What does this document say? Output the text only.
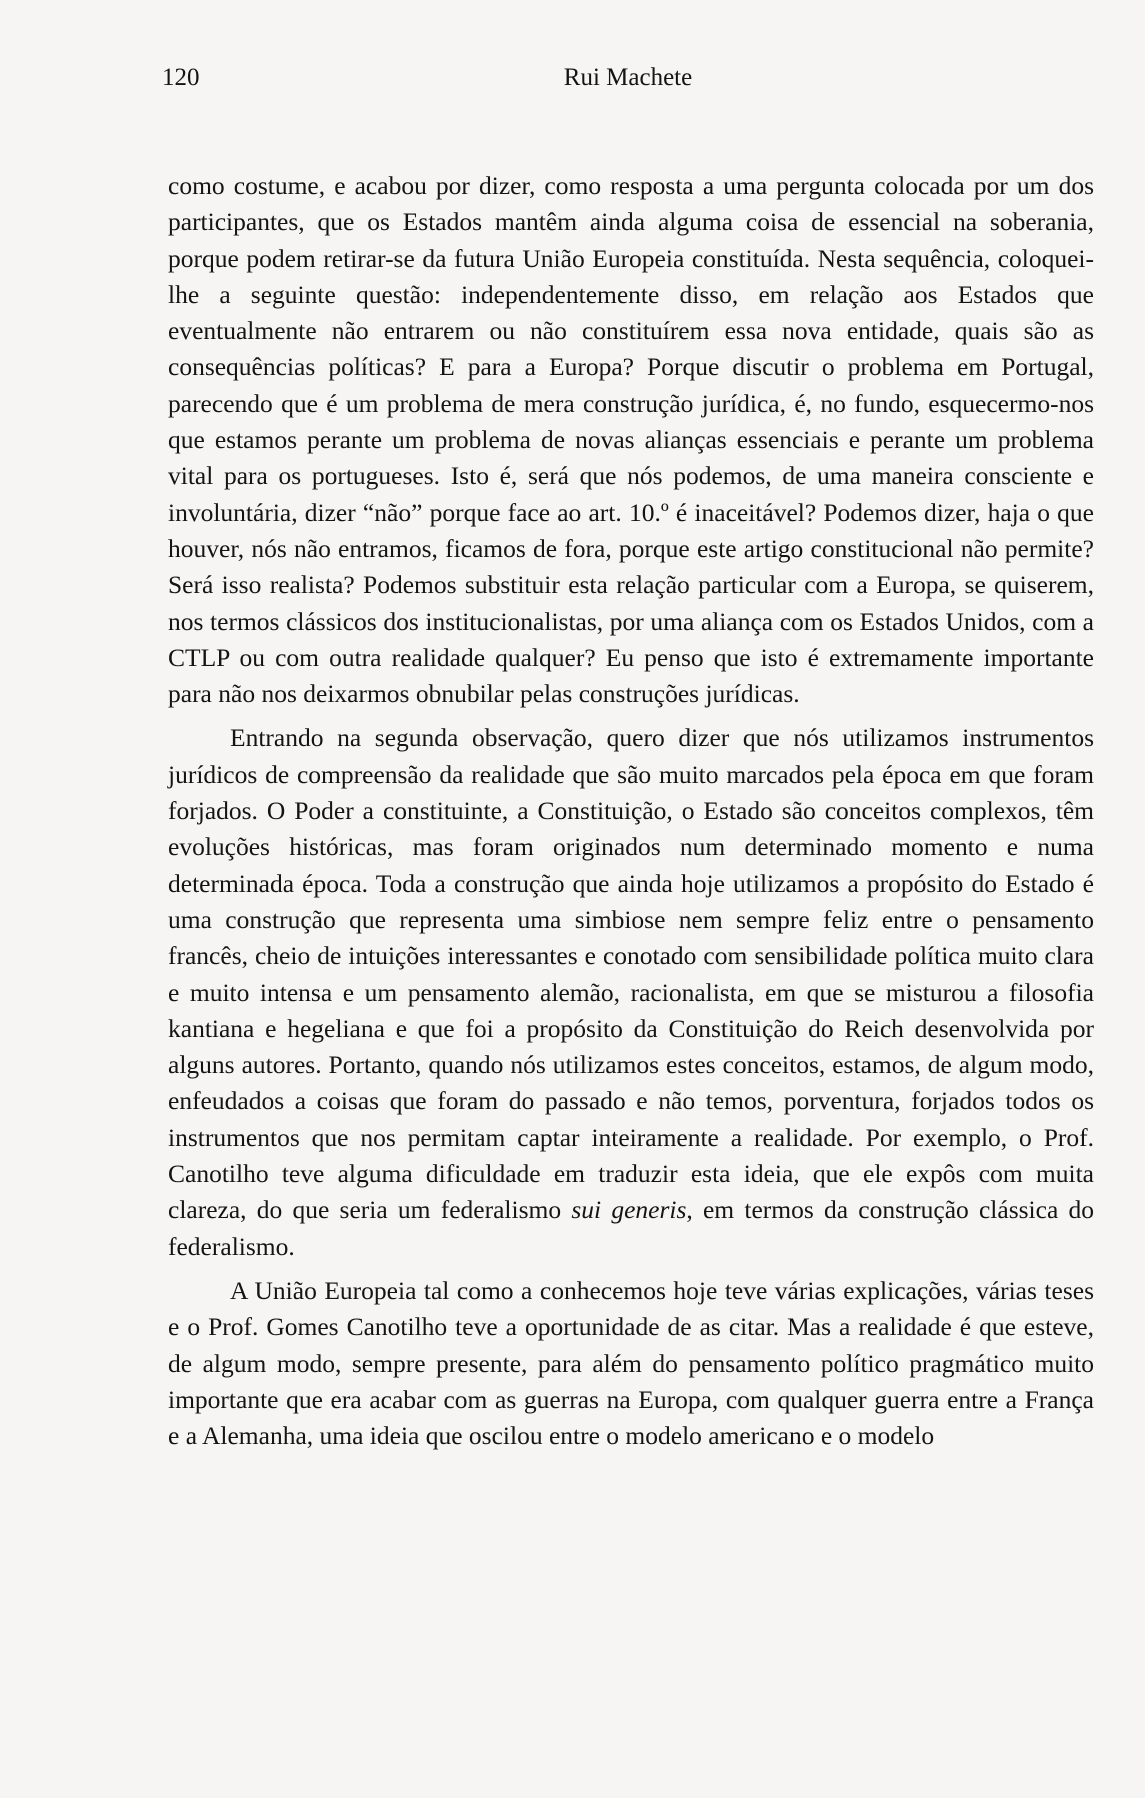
120	Rui Machete

como costume, e acabou por dizer, como resposta a uma pergunta colocada por um dos participantes, que os Estados mantêm ainda alguma coisa de essencial na soberania, porque podem retirar-se da futura União Europeia constituída. Nesta sequência, coloquei-lhe a seguinte questão: independentemente disso, em relação aos Estados que eventualmente não entrarem ou não constituírem essa nova entidade, quais são as consequências políticas? E para a Europa? Porque discutir o problema em Portugal, parecendo que é um problema de mera construção jurídica, é, no fundo, esquecermo-nos que estamos perante um problema de novas alianças essenciais e perante um problema vital para os portugueses. Isto é, será que nós podemos, de uma maneira consciente e involuntária, dizer “não” porque face ao art. 10.º é inaceitável? Podemos dizer, haja o que houver, nós não entramos, ficamos de fora, porque este artigo constitucional não permite? Será isso realista? Podemos substituir esta relação particular com a Europa, se quiserem, nos termos clássicos dos institucionalistas, por uma aliança com os Estados Unidos, com a CTLP ou com outra realidade qualquer? Eu penso que isto é extremamente importante para não nos deixarmos obnubilar pelas construções jurídicas.

Entrando na segunda observação, quero dizer que nós utilizamos instrumentos jurídicos de compreensão da realidade que são muito marcados pela época em que foram forjados. O Poder a constituinte, a Constituição, o Estado são conceitos complexos, têm evoluções históricas, mas foram originados num determinado momento e numa determinada época. Toda a construção que ainda hoje utilizamos a propósito do Estado é uma construção que representa uma simbiose nem sempre feliz entre o pensamento francês, cheio de intuições interessantes e conotado com sensibilidade política muito clara e muito intensa e um pensamento alemão, racionalista, em que se misturou a filosofia kantiana e hegeliana e que foi a propósito da Constituição do Reich desenvolvida por alguns autores. Portanto, quando nós utilizamos estes conceitos, estamos, de algum modo, enfeudados a coisas que foram do passado e não temos, porventura, forjados todos os instrumentos que nos permitam captar inteiramente a realidade. Por exemplo, o Prof. Canotilho teve alguma dificuldade em traduzir esta ideia, que ele expôs com muita clareza, do que seria um federalismo sui generis, em termos da construção clássica do federalismo.

A União Europeia tal como a conhecemos hoje teve várias explicações, várias teses e o Prof. Gomes Canotilho teve a oportunidade de as citar. Mas a realidade é que esteve, de algum modo, sempre presente, para além do pensamento político pragmático muito importante que era acabar com as guerras na Europa, com qualquer guerra entre a França e a Alemanha, uma ideia que oscilou entre o modelo americano e o modelo
